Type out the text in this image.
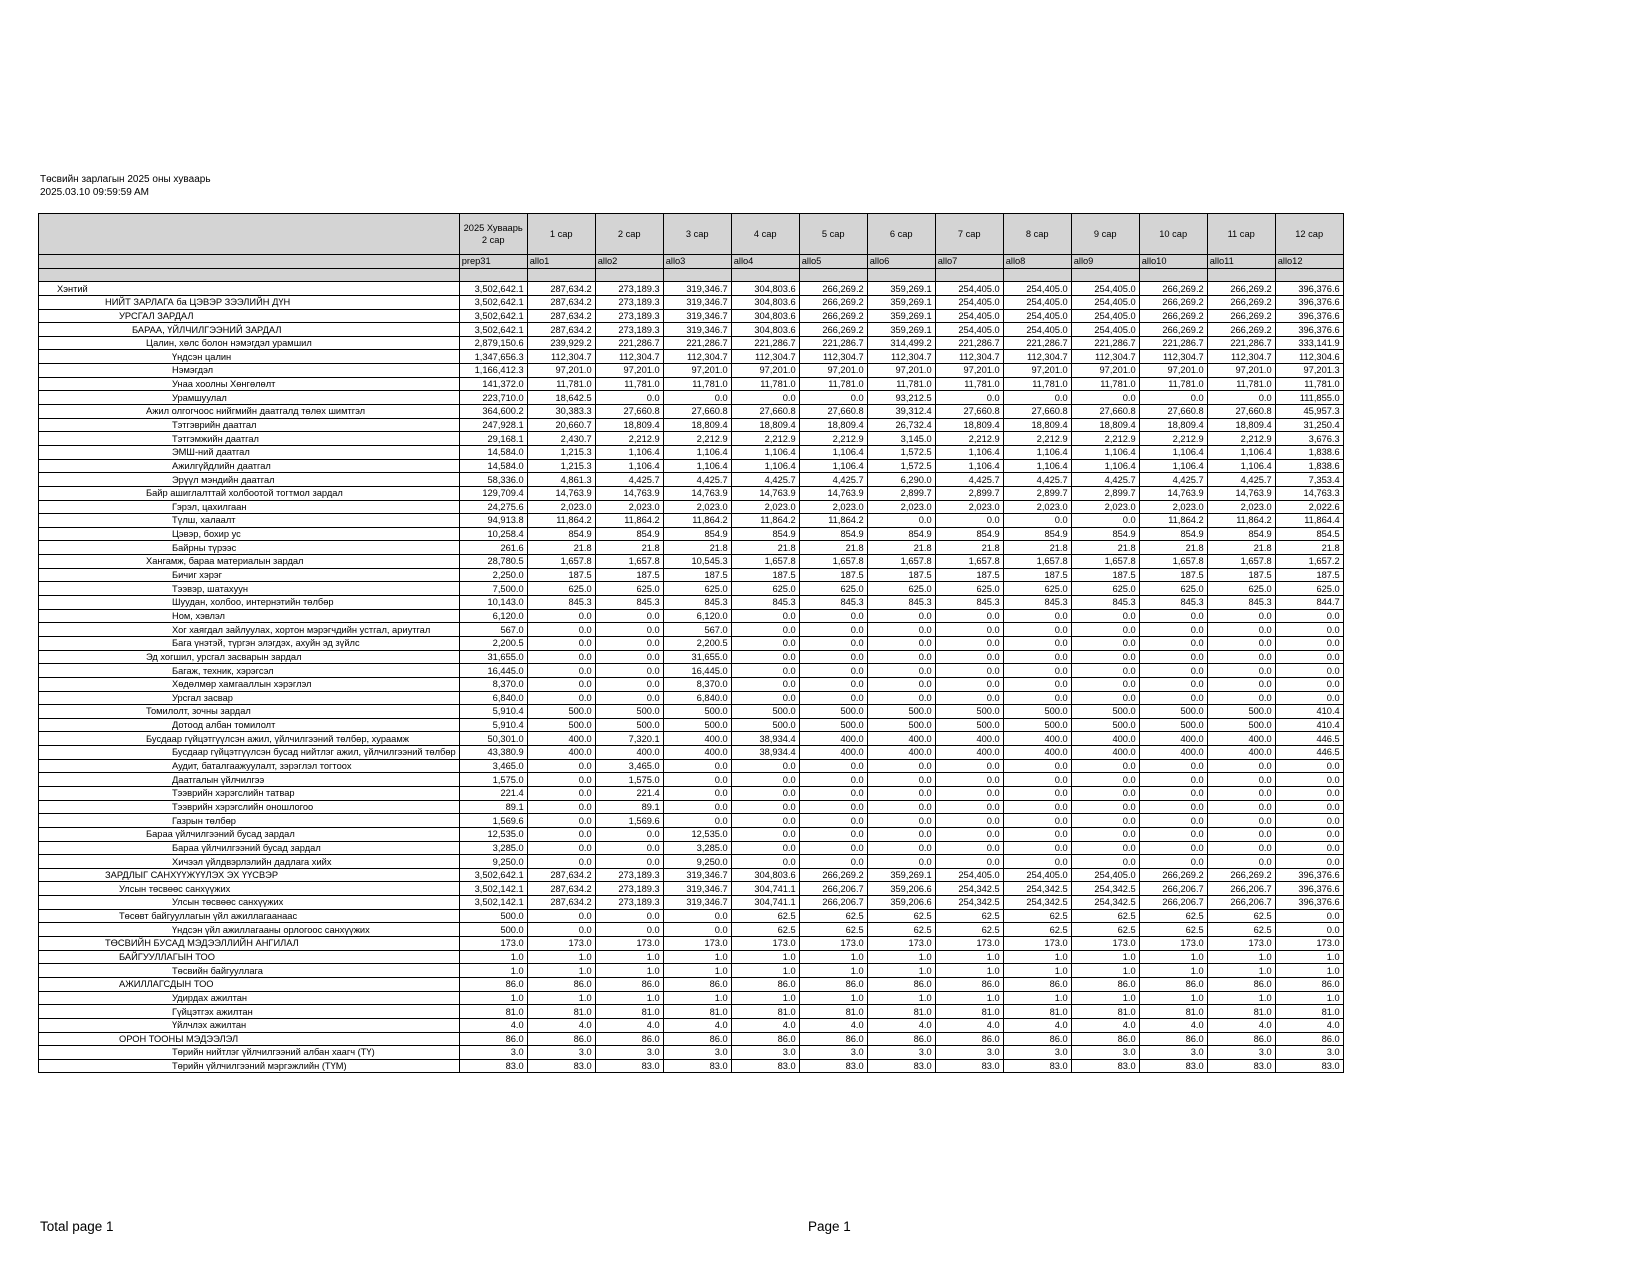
Төсвийн зарлагын 2025 оны хуваарь
2025.03.10 09:59:59 AM
	2025 Хуваарь 2 сар	1 сар	2 сар	3 сар	4 сар	5 сар	6 сар	7 сар	8 сар	9 сар	10 сар	11 сар	12 сар
	prep31	allo1	allo2	allo3	allo4	allo5	allo6	allo7	allo8	allo9	allo10	allo11	allo12

Хэнтий	3,502,642.1	287,634.2	273,189.3	319,346.7	304,803.6	266,269.2	359,269.1	254,405.0	254,405.0	254,405.0	266,269.2	266,269.2	396,376.6
НИЙТ ЗАРЛАГА бa ЦЭВЭР ЗЭЭЛИЙН ДҮН	3,502,642.1	287,634.2	273,189.3	319,346.7	304,803.6	266,269.2	359,269.1	254,405.0	254,405.0	254,405.0	266,269.2	266,269.2	396,376.6
УРСГАЛ ЗАРДАЛ	3,502,642.1	287,634.2	273,189.3	319,346.7	304,803.6	266,269.2	359,269.1	254,405.0	254,405.0	254,405.0	266,269.2	266,269.2	396,376.6
БАРАА, ҮЙЛЧИЛГЭЭНИЙ ЗАРДАЛ	3,502,642.1	287,634.2	273,189.3	319,346.7	304,803.6	266,269.2	359,269.1	254,405.0	254,405.0	254,405.0	266,269.2	266,269.2	396,376.6
Цалин, хөлс болон нэмэгдэл урамшил	2,879,150.6	239,929.2	221,286.7	221,286.7	221,286.7	221,286.7	314,499.2	221,286.7	221,286.7	221,286.7	221,286.7	221,286.7	333,141.9
Үндсэн цалин	1,347,656.3	112,304.7	112,304.7	112,304.7	112,304.7	112,304.7	112,304.7	112,304.7	112,304.7	112,304.7	112,304.7	112,304.7	112,304.6
Нэмэгдэл	1,166,412.3	97,201.0	97,201.0	97,201.0	97,201.0	97,201.0	97,201.0	97,201.0	97,201.0	97,201.0	97,201.0	97,201.0	97,201.3
Унаа хоолны Хөнгөлөлт	141,372.0	11,781.0	11,781.0	11,781.0	11,781.0	11,781.0	11,781.0	11,781.0	11,781.0	11,781.0	11,781.0	11,781.0	11,781.0
Урамшуулал	223,710.0	18,642.5	0.0	0.0	0.0	0.0	93,212.5	0.0	0.0	0.0	0.0	0.0	111,855.0
Ажил олгогчоос нийгмийн даатгалд төлөх шимтгэл	364,600.2	30,383.3	27,660.8	27,660.8	27,660.8	27,660.8	39,312.4	27,660.8	27,660.8	27,660.8	27,660.8	27,660.8	45,957.3
Тэтгэврийн даатгал	247,928.1	20,660.7	18,809.4	18,809.4	18,809.4	18,809.4	26,732.4	18,809.4	18,809.4	18,809.4	18,809.4	18,809.4	31,250.4
Тэтгэмжийн даатгал	29,168.1	2,430.7	2,212.9	2,212.9	2,212.9	2,212.9	3,145.0	2,212.9	2,212.9	2,212.9	2,212.9	2,212.9	3,676.3
ЭМШ-ний даатгал	14,584.0	1,215.3	1,106.4	1,106.4	1,106.4	1,106.4	1,572.5	1,106.4	1,106.4	1,106.4	1,106.4	1,106.4	1,838.6
Ажилгүйдлийн даатгал	14,584.0	1,215.3	1,106.4	1,106.4	1,106.4	1,106.4	1,572.5	1,106.4	1,106.4	1,106.4	1,106.4	1,106.4	1,838.6
Эрүүл мэндийн даатгал	58,336.0	4,861.3	4,425.7	4,425.7	4,425.7	4,425.7	6,290.0	4,425.7	4,425.7	4,425.7	4,425.7	4,425.7	7,353.4
Байр ашиглалттай холбоотой тогтмол зардал	129,709.4	14,763.9	14,763.9	14,763.9	14,763.9	14,763.9	2,899.7	2,899.7	2,899.7	2,899.7	14,763.9	14,763.9	14,763.3
Гэрэл, цахилгаан	24,275.6	2,023.0	2,023.0	2,023.0	2,023.0	2,023.0	2,023.0	2,023.0	2,023.0	2,023.0	2,023.0	2,023.0	2,022.6
Түлш, халаалт	94,913.8	11,864.2	11,864.2	11,864.2	11,864.2	11,864.2	0.0	0.0	0.0	0.0	11,864.2	11,864.2	11,864.4
Цэвэр, бохир ус	10,258.4	854.9	854.9	854.9	854.9	854.9	854.9	854.9	854.9	854.9	854.9	854.9	854.5
Байрны түрээс	261.6	21.8	21.8	21.8	21.8	21.8	21.8	21.8	21.8	21.8	21.8	21.8	21.8
Хангамж, бараа материалын зардал	28,780.5	1,657.8	1,657.8	10,545.3	1,657.8	1,657.8	1,657.8	1,657.8	1,657.8	1,657.8	1,657.8	1,657.8	1,657.2
Бичиг хэрэг	2,250.0	187.5	187.5	187.5	187.5	187.5	187.5	187.5	187.5	187.5	187.5	187.5	187.5
Тээвэр, шатахуун	7,500.0	625.0	625.0	625.0	625.0	625.0	625.0	625.0	625.0	625.0	625.0	625.0	625.0
Шуудан, холбоо, интернэтийн төлбөр	10,143.0	845.3	845.3	845.3	845.3	845.3	845.3	845.3	845.3	845.3	845.3	845.3	844.7
Ном, хэвлэл	6,120.0	0.0	0.0	6,120.0	0.0	0.0	0.0	0.0	0.0	0.0	0.0	0.0	0.0
Хог хаягдал зайлуулах, хортон мэрэгчдийн устгал, ариутгал	567.0	0.0	0.0	567.0	0.0	0.0	0.0	0.0	0.0	0.0	0.0	0.0	0.0
Бага үнэтэй, түргэн элэгдэх, ахуйн эд зүйлс	2,200.5	0.0	0.0	2,200.5	0.0	0.0	0.0	0.0	0.0	0.0	0.0	0.0	0.0
Эд хогшил, урсгал засварын зардал	31,655.0	0.0	0.0	31,655.0	0.0	0.0	0.0	0.0	0.0	0.0	0.0	0.0	0.0
Багаж, техник, хэрэгсэл	16,445.0	0.0	0.0	16,445.0	0.0	0.0	0.0	0.0	0.0	0.0	0.0	0.0	0.0
Хөдөлмөр хамгааллын хэрэглэл	8,370.0	0.0	0.0	8,370.0	0.0	0.0	0.0	0.0	0.0	0.0	0.0	0.0	0.0
Урсгал засвар	6,840.0	0.0	0.0	6,840.0	0.0	0.0	0.0	0.0	0.0	0.0	0.0	0.0	0.0
Томилолт, зочны зардал	5,910.4	500.0	500.0	500.0	500.0	500.0	500.0	500.0	500.0	500.0	500.0	500.0	410.4
Дотоод албан томилолт	5,910.4	500.0	500.0	500.0	500.0	500.0	500.0	500.0	500.0	500.0	500.0	500.0	410.4
Бусдаар гүйцэтгүүлсэн ажил, үйлчилгээний төлбөр, хураамж	50,301.0	400.0	7,320.1	400.0	38,934.4	400.0	400.0	400.0	400.0	400.0	400.0	400.0	446.5
Бусдаар гүйцэтгүүлсэн бусад нийтлэг ажил, үйлчилгээний төлбөр	43,380.9	400.0	400.0	400.0	38,934.4	400.0	400.0	400.0	400.0	400.0	400.0	400.0	446.5
Аудит, баталгаажуулалт, зэрэглэл тогтоох	3,465.0	0.0	3,465.0	0.0	0.0	0.0	0.0	0.0	0.0	0.0	0.0	0.0	0.0
Даатгалын үйлчилгээ	1,575.0	0.0	1,575.0	0.0	0.0	0.0	0.0	0.0	0.0	0.0	0.0	0.0	0.0
Тээврийн хэрэгслийн татвар	221.4	0.0	221.4	0.0	0.0	0.0	0.0	0.0	0.0	0.0	0.0	0.0	0.0
Тээврийн хэрэгслийн оношлогоо	89.1	0.0	89.1	0.0	0.0	0.0	0.0	0.0	0.0	0.0	0.0	0.0	0.0
Газрын төлбөр	1,569.6	0.0	1,569.6	0.0	0.0	0.0	0.0	0.0	0.0	0.0	0.0	0.0	0.0
Бараа үйлчилгээний бусад зардал	12,535.0	0.0	0.0	12,535.0	0.0	0.0	0.0	0.0	0.0	0.0	0.0	0.0	0.0
Бараа үйлчилгээний бусад зардал	3,285.0	0.0	0.0	3,285.0	0.0	0.0	0.0	0.0	0.0	0.0	0.0	0.0	0.0
Хичээл үйлдвэрлэлийн дадлага хийх	9,250.0	0.0	0.0	9,250.0	0.0	0.0	0.0	0.0	0.0	0.0	0.0	0.0	0.0
ЗАРДЛЫГ САНХҮҮЖҮҮЛЭХ ЭХ ҮҮСВЭР	3,502,642.1	287,634.2	273,189.3	319,346.7	304,803.6	266,269.2	359,269.1	254,405.0	254,405.0	254,405.0	266,269.2	266,269.2	396,376.6
Улсын төсвөөс санхүүжих	3,502,142.1	287,634.2	273,189.3	319,346.7	304,741.1	266,206.7	359,206.6	254,342.5	254,342.5	254,342.5	266,206.7	266,206.7	396,376.6
Улсын төсвөөс санхүүжих	3,502,142.1	287,634.2	273,189.3	319,346.7	304,741.1	266,206.7	359,206.6	254,342.5	254,342.5	254,342.5	266,206.7	266,206.7	396,376.6
Төсөвт байгууллагын үйл ажиллагаанаас	500.0	0.0	0.0	0.0	62.5	62.5	62.5	62.5	62.5	62.5	62.5	62.5	0.0
Үндсэн үйл ажиллагааны орлогоос санхүүжих	500.0	0.0	0.0	0.0	62.5	62.5	62.5	62.5	62.5	62.5	62.5	62.5	0.0
ТӨСВИЙН БУСАД МЭДЭЭЛЛИЙН АНГИЛАЛ	173.0	173.0	173.0	173.0	173.0	173.0	173.0	173.0	173.0	173.0	173.0	173.0	173.0
БАЙГУУЛЛАГЫН ТОО	1.0	1.0	1.0	1.0	1.0	1.0	1.0	1.0	1.0	1.0	1.0	1.0	1.0
Төсвийн байгууллага	1.0	1.0	1.0	1.0	1.0	1.0	1.0	1.0	1.0	1.0	1.0	1.0	1.0
АЖИЛЛАГСДЫН ТОО	86.0	86.0	86.0	86.0	86.0	86.0	86.0	86.0	86.0	86.0	86.0	86.0	86.0
Удирдах ажилтан	1.0	1.0	1.0	1.0	1.0	1.0	1.0	1.0	1.0	1.0	1.0	1.0	1.0
Гүйцэтгэх ажилтан	81.0	81.0	81.0	81.0	81.0	81.0	81.0	81.0	81.0	81.0	81.0	81.0	81.0
Үйлчлэх ажилтан	4.0	4.0	4.0	4.0	4.0	4.0	4.0	4.0	4.0	4.0	4.0	4.0	4.0
ОРОН ТООНЫ МЭДЭЭЛЭЛ	86.0	86.0	86.0	86.0	86.0	86.0	86.0	86.0	86.0	86.0	86.0	86.0	86.0
Төрийн нийтлэг үйлчилгээний албан хаагч (ТҮ)	3.0	3.0	3.0	3.0	3.0	3.0	3.0	3.0	3.0	3.0	3.0	3.0	3.0
Төрийн үйлчилгээний мэргэжлийн (ТҮМ)	83.0	83.0	83.0	83.0	83.0	83.0	83.0	83.0	83.0	83.0	83.0	83.0	83.0
Total page 1	Page 1
